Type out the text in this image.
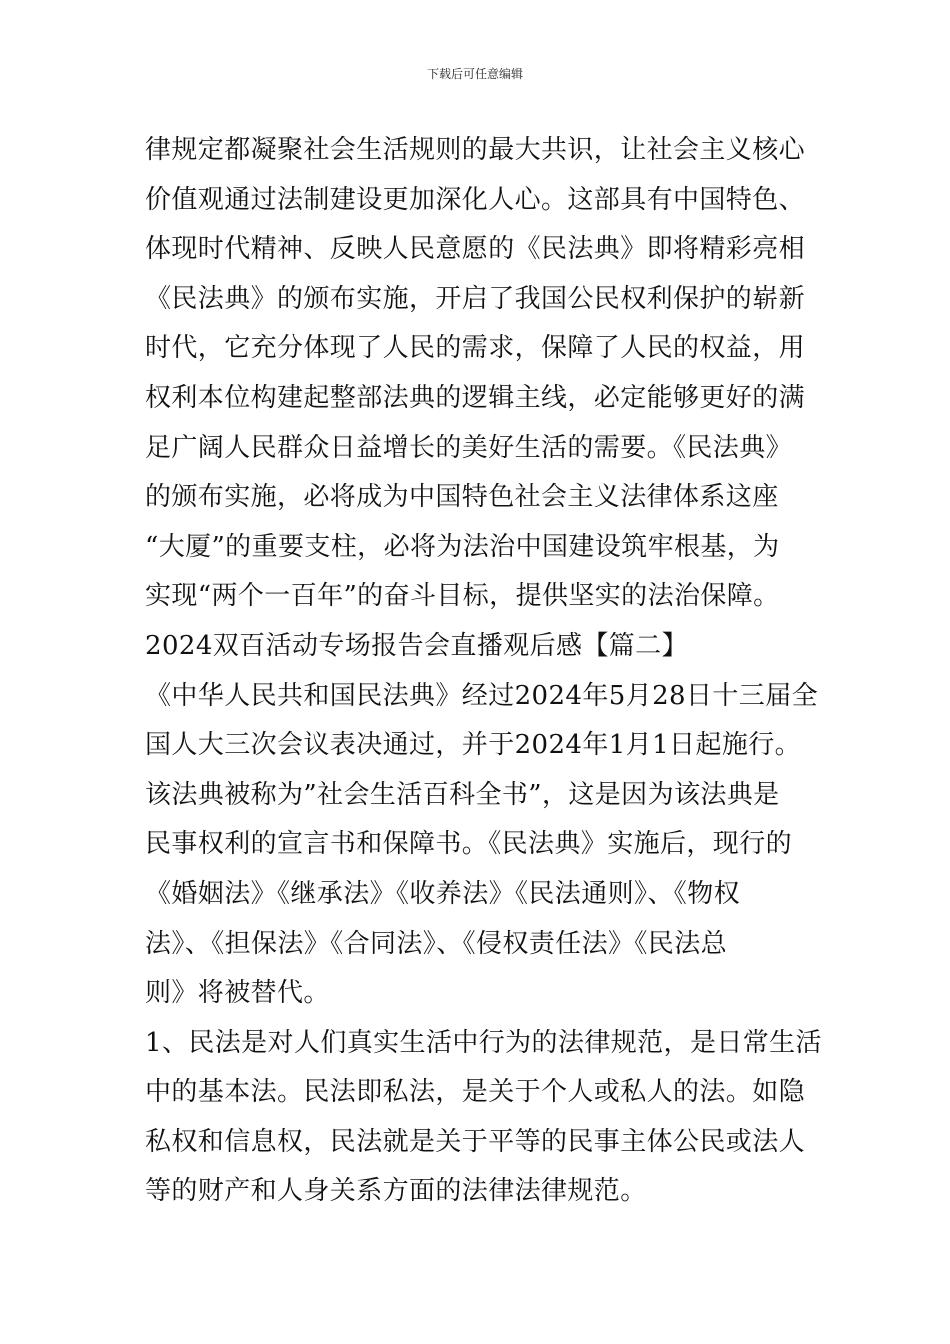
下载后可任意编辑
律规定都凝聚社会生活规则的最大共识，让社会主义核心
价值观通过法制建设更加深化人心。这部具有中国特色、
体现时代精神、反映人民意愿的《民法典》即将精彩亮相
《民法典》的颁布实施，开启了我国公民权利保护的崭新
时代，它充分体现了人民的需求，保障了人民的权益，用
权利本位构建起整部法典的逻辑主线，必定能够更好的满
足广阔人民群众日益增长的美好生活的需要。《民法典》
的颁布实施，必将成为中国特色社会主义法律体系这座
“大厦”的重要支柱，必将为法治中国建设筑牢根基，为
实现“两个一百年”的奋斗目标，提供坚实的法治保障。
2024双百活动专场报告会直播观后感【篇二】
《中华人民共和国民法典》经过2024年5月28日十三届全
国人大三次会议表决通过，并于2024年1月1日起施行。
该法典被称为”社会生活百科全书”，这是因为该法典是
民事权利的宣言书和保障书。《民法典》实施后，现行的
《婚姻法》《继承法》《收养法》《民法通则》、《物权
法》、《担保法》《合同法》、《侵权责任法》《民法总
则》将被替代。
1、民法是对人们真实生活中行为的法律规范，是日常生活
中的基本法。民法即私法，是关于个人或私人的法。如隐
私权和信息权，民法就是关于平等的民事主体公民或法人
等的财产和人身关系方面的法律法律规范。
